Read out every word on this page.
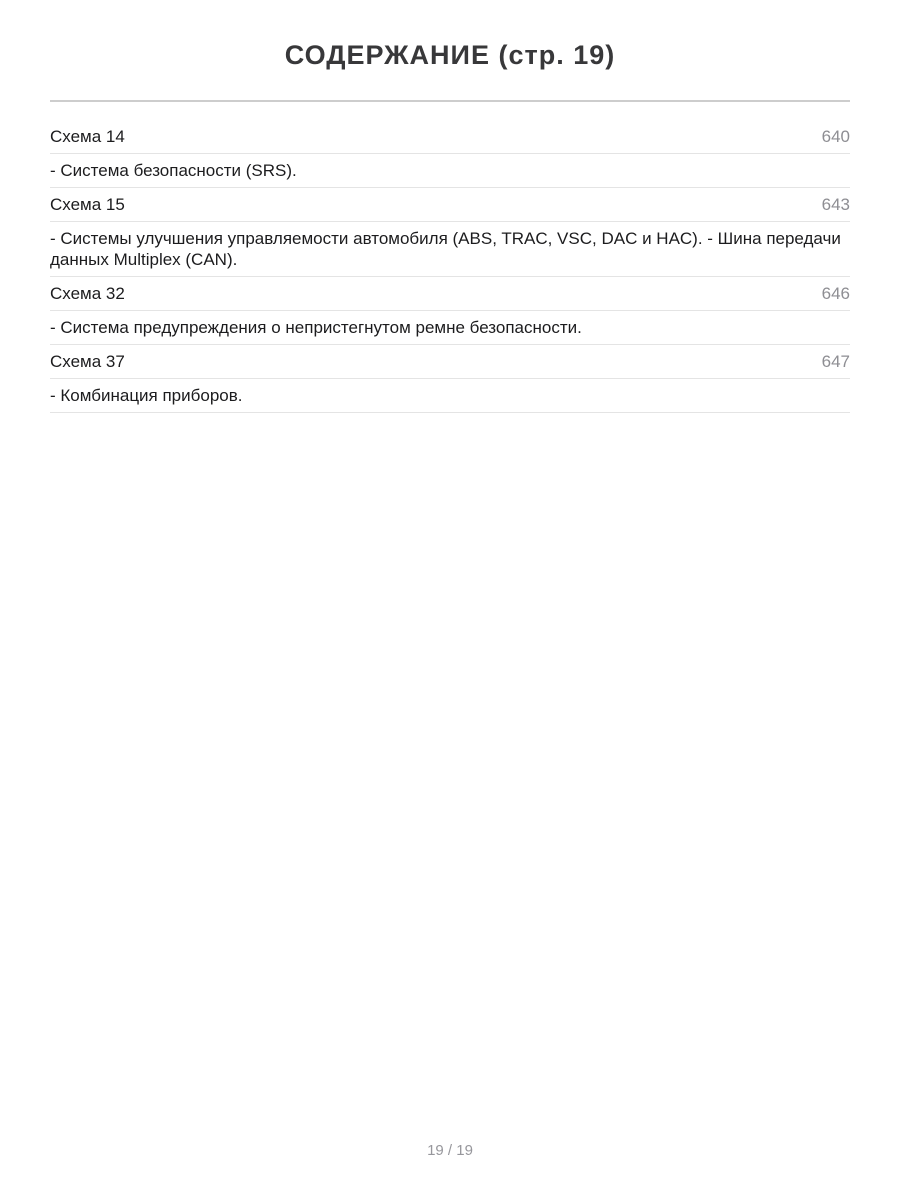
СОДЕРЖАНИЕ (стр. 19)
Схема 14	640
- Система безопасности (SRS).
Схема 15	643
- Системы улучшения управляемости автомобиля (ABS, TRAC, VSC, DAC и HAC). - Шина передачи данных Multiplex (CAN).
Схема 32	646
- Система предупреждения о непристегнутом ремне безопасности.
Схема 37	647
- Комбинация приборов.
19 / 19
